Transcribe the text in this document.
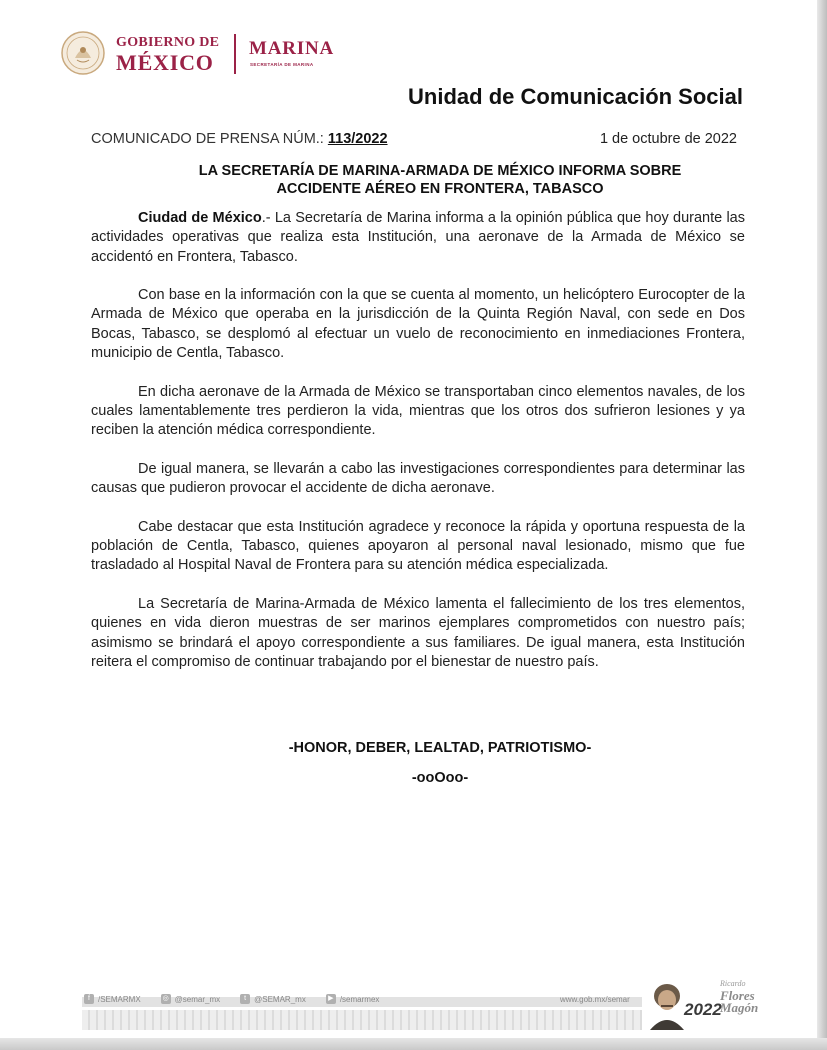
GOBIERNO DE
MÉXICO
MARINA
SECRETARÍA DE MARINA
Unidad de Comunicación Social
COMUNICADO DE PRENSA NÚM.: 113/2022	1 de octubre de 2022
LA SECRETARÍA DE MARINA-ARMADA DE MÉXICO INFORMA SOBRE
ACCIDENTE AÉREO EN FRONTERA, TABASCO

Ciudad de México.- La Secretaría de Marina informa a la opinión pública que hoy durante las actividades operativas que realiza esta Institución, una aeronave de la Armada de México se accidentó en Frontera, Tabasco.

Con base en la información con la que se cuenta al momento, un helicóptero Eurocopter de la Armada de México que operaba en la jurisdicción de la Quinta Región Naval, con sede en Dos Bocas, Tabasco, se desplomó al efectuar un vuelo de reconocimiento en inmediaciones Frontera, municipio de Centla, Tabasco.

En dicha aeronave de la Armada de México se transportaban cinco elementos navales, de los cuales lamentablemente tres perdieron la vida, mientras que los otros dos sufrieron lesiones y ya reciben la atención médica correspondiente.

De igual manera, se llevarán a cabo las investigaciones correspondientes para determinar las causas que pudieron provocar el accidente de dicha aeronave.

Cabe destacar que esta Institución agradece y reconoce la rápida y oportuna respuesta de la población de Centla, Tabasco, quienes apoyaron al personal naval lesionado, mismo que fue trasladado al Hospital Naval de Frontera para su atención médica especializada.

La Secretaría de Marina-Armada de México lamenta el fallecimiento de los tres elementos, quienes en vida dieron muestras de ser marinos ejemplares comprometidos con nuestro país; asimismo se brindará el apoyo correspondiente a sus familiares. De igual manera, esta Institución reitera el compromiso de continuar trabajando por el bienestar de nuestro país.

-HONOR, DEBER, LEALTAD, PATRIOTISMO-
-ooOoo-
f	/SEMARMX	◎ @semar_mx	t	@SEMAR_mx	▶ /semarmex	www.gob.mx/semar
2022
Ricardo
Flores
Magón
